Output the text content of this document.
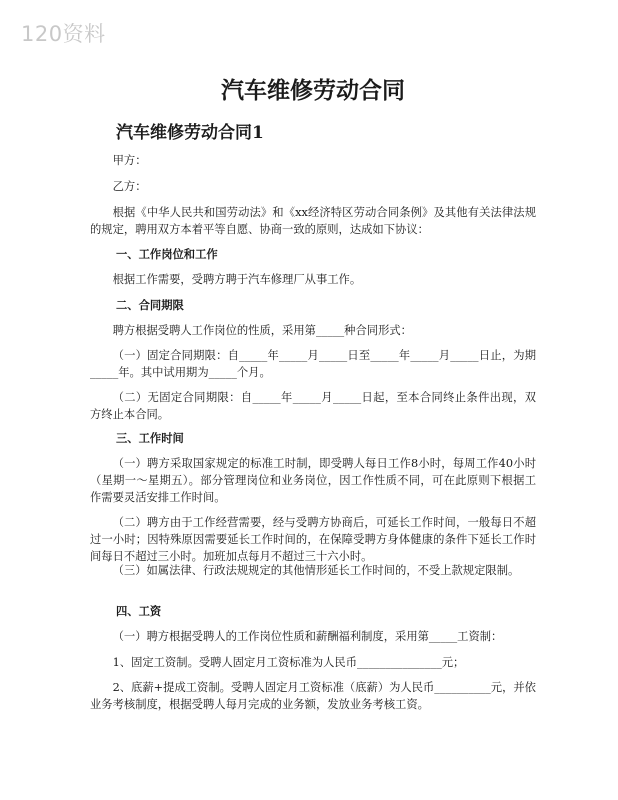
120资料
汽车维修劳动合同
汽车维修劳动合同1

甲方：

乙方：

根据《中华人民共和国劳动法》和《xx经济特区劳动合同条例》及其他有关法律法规的规定，聘用双方本着平等自愿、协商一致的原则，达成如下协议：

一、工作岗位和工作

根据工作需要，受聘方聘于汽车修理厂从事工作。

二、合同期限

聘方根据受聘人工作岗位的性质，采用第_____种合同形式：

（一）固定合同期限：自_____年_____月_____日至_____年_____月_____日止，为期_____年。其中试用期为_____个月。

（二）无固定合同期限：自_____年_____月_____日起，至本合同终止条件出现，双方终止本合同。

三、工作时间

（一）聘方采取国家规定的标准工时制，即受聘人每日工作8小时，每周工作40小时（星期一～星期五）。部分管理岗位和业务岗位，因工作性质不同，可在此原则下根据工作需要灵活安排工作时间。

（二）聘方由于工作经营需要，经与受聘方协商后，可延长工作时间，一般每日不超过一小时；因特殊原因需要延长工作时间的，在保障受聘方身体健康的条件下延长工作时间每日不超过三小时。加班加点每月不超过三十六小时。

（三）如属法律、行政法规规定的其他情形延长工作时间的，不受上款规定限制。

四、工资

（一）聘方根据受聘人的工作岗位性质和薪酬福利制度，采用第_____工资制：

1、固定工资制。受聘人固定月工资标准为人民币_______________元；

2、底薪+提成工资制。受聘人固定月工资标准（底薪）为人民币__________元，并依业务考核制度，根据受聘人每月完成的业务额，发放业务考核工资。
